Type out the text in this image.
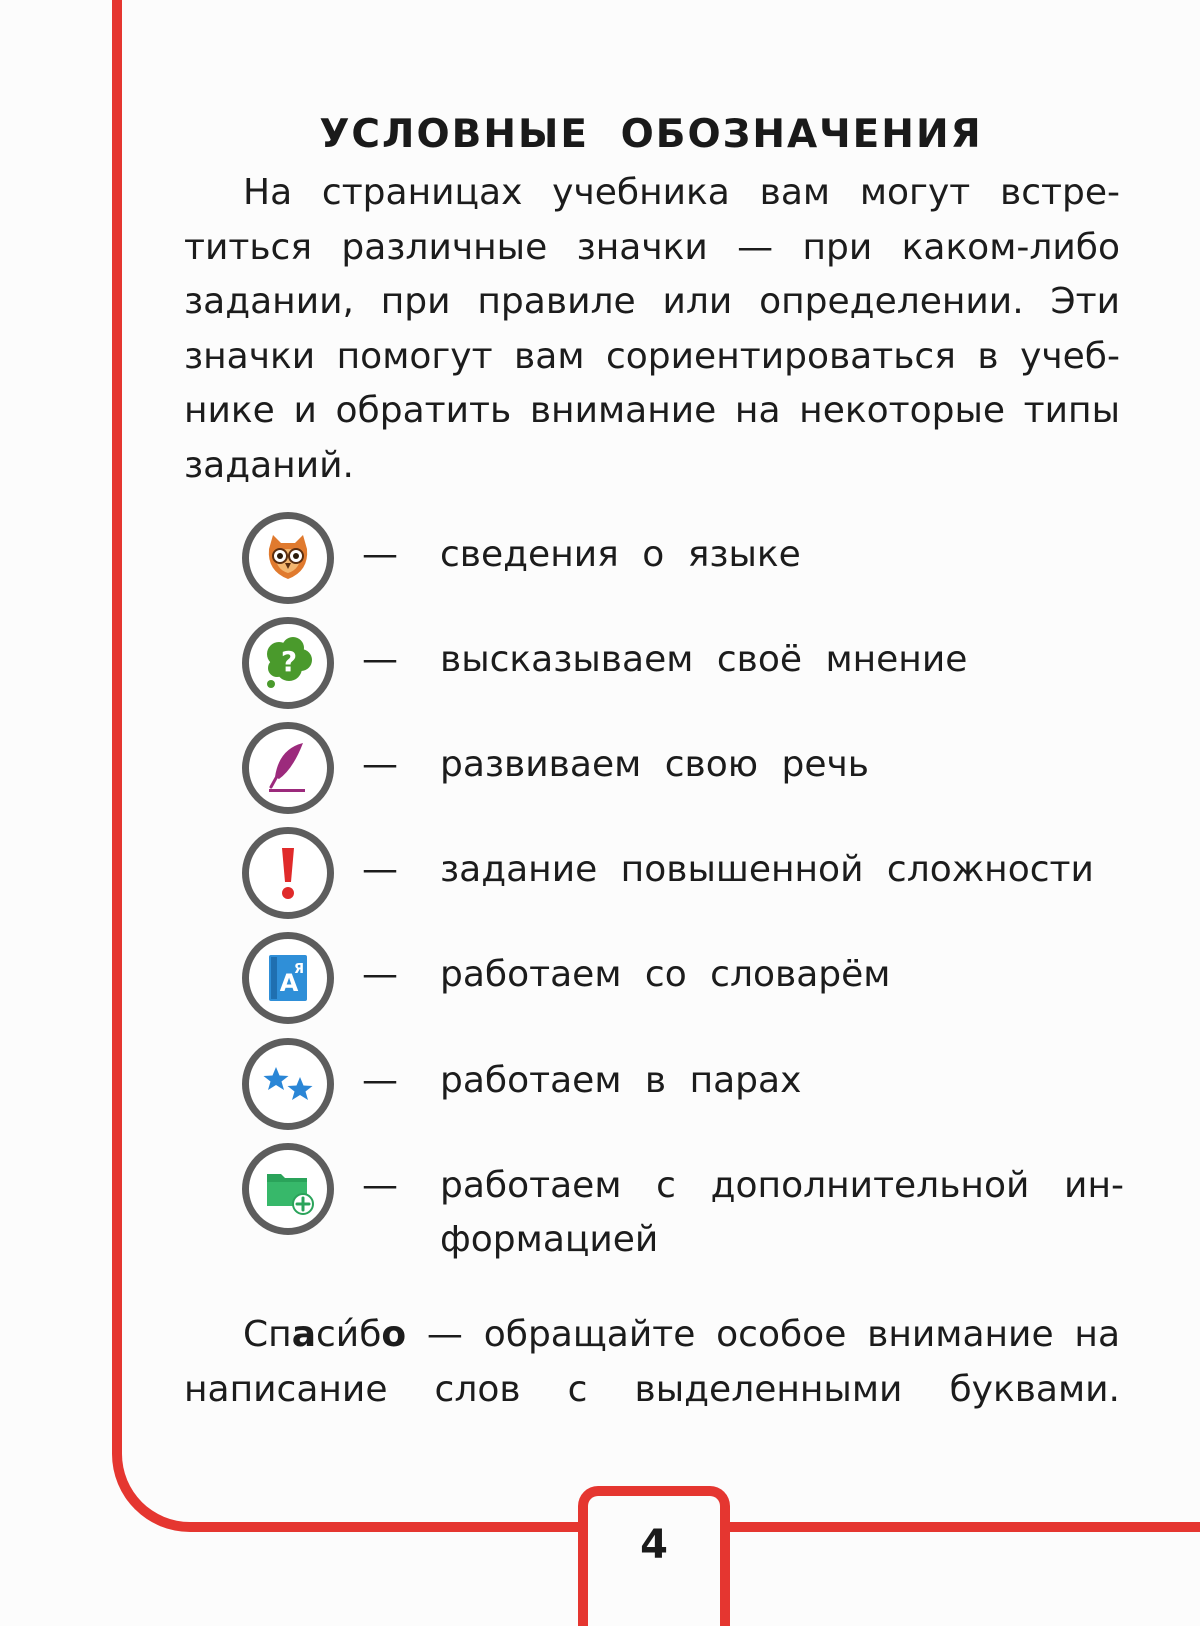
УСЛОВНЫЕ ОБОЗНАЧЕНИЯ

На страницах учебника вам могут встретиться различные значки — при каком-либо задании, при правиле или определении. Эти значки помогут вам сориентироваться в учебнике и обратить внимание на некоторые типы заданий.

— сведения о языке
? — высказываем своё мнение
— развиваем свою речь
— задание повышенной сложности
A
Я — работаем со словарём
— работаем в парах
— работаем с дополнительной информацией

Спаси́бо — обращайте особое внимание на написание слов с выделенными буквами.

4
